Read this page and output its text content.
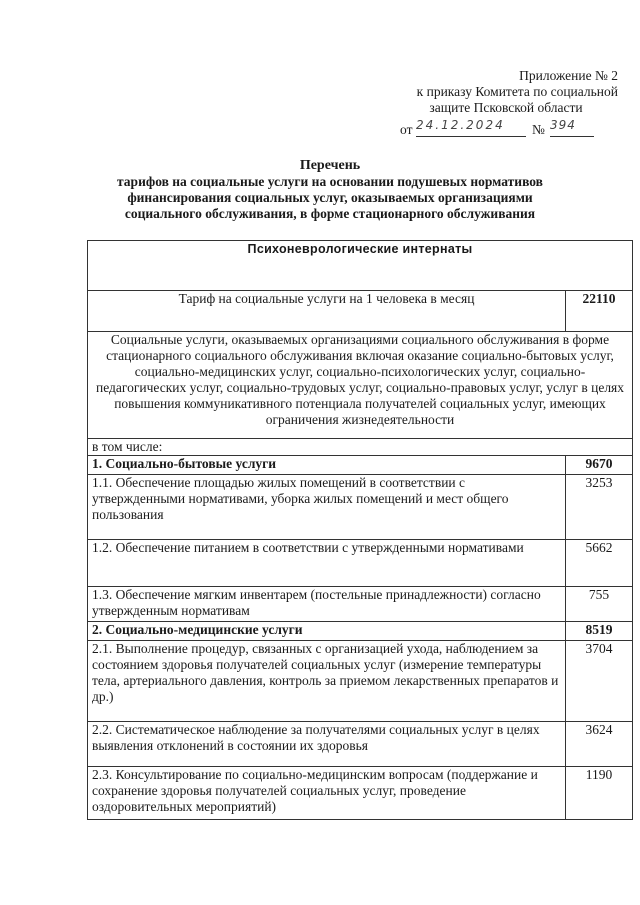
Приложение № 2
к приказу Комитета по социальной
защите Псковской области
от 24.12.2024	№ 394
Перечень
тарифов на социальные услуги на основании подушевых нормативов
финансирования социальных услуг, оказываемых организациями
социального обслуживания, в форме стационарного обслуживания
Психоневрологические интернаты	
Тариф на социальные услуги на 1 человека в месяц	22110
Социальные услуги, оказываемых организациями социального обслуживания в форме стационарного социального обслуживания включая оказание социально-бытовых услуг, социально-медицинских услуг, социально-психологических услуг, социально-педагогических услуг, социально-трудовых услуг, социально-правовых услуг, услуг в целях повышения коммуникативного потенциала получателей социальных услуг, имеющих ограничения жизнедеятельности	
в том числе:	
1. Социально-бытовые услуги	9670
1.1. Обеспечение площадью жилых помещений в соответствии с утвержденными нормативами, уборка жилых помещений и мест общего пользования	3253
1.2. Обеспечение питанием в соответствии с утвержденными нормативами	5662
1.3. Обеспечение мягким инвентарем (постельные принадлежности) согласно утвержденным нормативам	755
2. Социально-медицинские услуги	8519
2.1. Выполнение процедур, связанных с организацией ухода, наблюдением за состоянием здоровья получателей социальных услуг (измерение температуры тела, артериального давления, контроль за приемом лекарственных препаратов и др.)	3704
2.2. Систематическое наблюдение за получателями социальных услуг в целях выявления отклонений в состоянии их здоровья	3624
2.3. Консультирование по социально-медицинским вопросам (поддержание и сохранение здоровья получателей социальных услуг, проведение оздоровительных мероприятий)	1190
